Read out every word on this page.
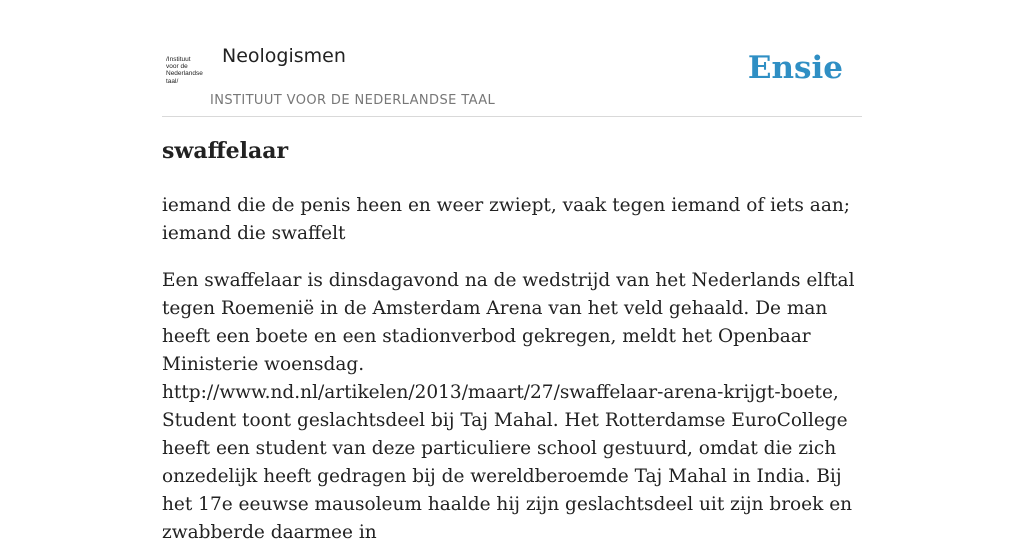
/Instituut
voor de
Nederlandse
taal/
Neologismen
INSTITUUT VOOR DE NEDERLANDSE TAAL
Ensie
swaffelaar

iemand die de penis heen en weer zwiept, vaak tegen iemand of iets aan; iemand die swaffelt

Een swaffelaar is dinsdagavond na de wedstrijd van het Nederlands elftal tegen Roemenië in de Amsterdam Arena van het veld gehaald. De man heeft een boete en een stadionverbod gekregen, meldt het Openbaar Ministerie woensdag. http://www.nd.nl/artikelen/2013/maart/27/swaffelaar-arena-krijgt-boete,

Student toont geslachtsdeel bij Taj Mahal. Het Rotterdamse EuroCollege heeft een student van deze particuliere school gestuurd, omdat die zich onzedelijk heeft gedragen bij de wereldberoemde Taj Mahal in India. Bij het 17e eeuwse mausoleum haalde hij zijn geslachtsdeel uit zijn broek en zwabberde daarmee in
